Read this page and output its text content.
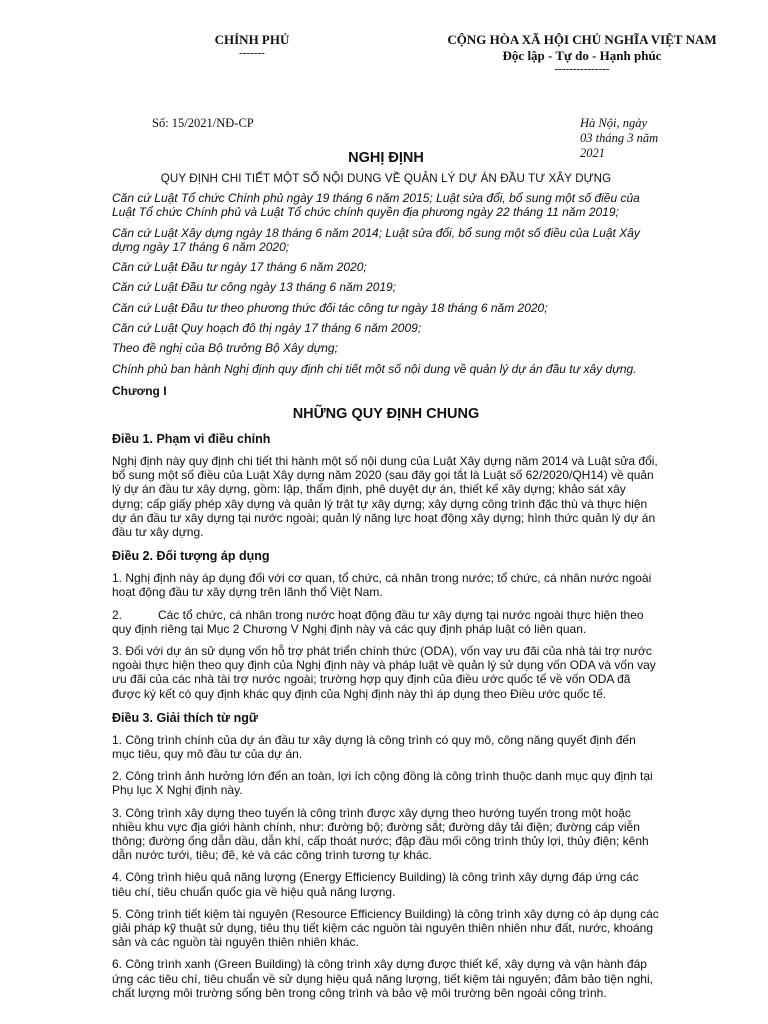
CHÍNH PHỦ
-------
CỘNG HÒA XÃ HỘI CHỦ NGHĨA VIỆT NAM
Độc lập - Tự do - Hạnh phúc
---------------
Số: 15/2021/NĐ-CP	Hà Nội, ngày 03 tháng 3 năm 2021
NGHỊ ĐỊNH
QUY ĐỊNH CHI TIẾT MỘT SỐ NỘI DUNG VỀ QUẢN LÝ DỰ ÁN ĐẦU TƯ XÂY DỰNG

Căn cứ Luật Tổ chức Chính phủ ngày 19 tháng 6 năm 2015; Luật sửa đổi, bổ sung một số điều của Luật Tổ chức Chính phủ và Luật Tổ chức chính quyền địa phương ngày 22 tháng 11 năm 2019;

Căn cứ Luật Xây dựng ngày 18 tháng 6 năm 2014; Luật sửa đổi, bổ sung một số điều của Luật Xây dựng ngày 17 tháng 6 năm 2020;

Căn cứ Luật Đầu tư ngày 17 tháng 6 năm 2020;

Căn cứ Luật Đầu tư công ngày 13 tháng 6 năm 2019;

Căn cứ Luật Đầu tư theo phương thức đối tác công tư ngày 18 tháng 6 năm 2020;

Căn cứ Luật Quy hoạch đô thị ngày 17 tháng 6 năm 2009;

Theo đề nghị của Bộ trưởng Bộ Xây dựng;

Chính phủ ban hành Nghị định quy định chi tiết một số nội dung về quản lý dự án đầu tư xây dựng.

Chương I
NHỮNG QUY ĐỊNH CHUNG
Điều 1. Phạm vi điều chỉnh

Nghị định này quy định chi tiết thi hành một số nội dung của Luật Xây dựng năm 2014 và Luật sửa đổi, bổ sung một số điều của Luật Xây dựng năm 2020 (sau đây gọi tắt là Luật số 62/2020/QH14) về quản lý dự án đầu tư xây dựng, gồm: lập, thẩm định, phê duyệt dự án, thiết kế xây dựng; khảo sát xây dựng; cấp giấy phép xây dựng và quản lý trật tự xây dựng; xây dựng công trình đặc thù và thực hiện dự án đầu tư xây dựng tại nước ngoài; quản lý năng lực hoạt động xây dựng; hình thức quản lý dự án đầu tư xây dựng.

Điều 2. Đối tượng áp dụng

1. Nghị định này áp dụng đối với cơ quan, tổ chức, cá nhân trong nước; tổ chức, cá nhân nước ngoài hoạt động đầu tư xây dựng trên lãnh thổ Việt Nam.

2.	Các tổ chức, cá nhân trong nước hoạt động đầu tư xây dựng tại nước ngoài thực hiện theo quy định riêng tại Mục 2 Chương V Nghị định này và các quy định pháp luật có liên quan.

3. Đối với dự án sử dụng vốn hỗ trợ phát triển chính thức (ODA), vốn vay ưu đãi của nhà tài trợ nước ngoài thực hiện theo quy định của Nghị định này và pháp luật về quản lý sử dụng vốn ODA và vốn vay ưu đãi của các nhà tài trợ nước ngoài; trường hợp quy định của điều ước quốc tế về vốn ODA đã được ký kết có quy định khác quy định của Nghị định này thì áp dụng theo Điều ước quốc tế.

Điều 3. Giải thích từ ngữ

1. Công trình chính của dự án đầu tư xây dựng là công trình có quy mô, công năng quyết định đến mục tiêu, quy mô đầu tư của dự án.

2. Công trình ảnh hưởng lớn đến an toàn, lợi ích cộng đồng là công trình thuộc danh mục quy định tại Phụ lục X Nghị định này.

3. Công trình xây dựng theo tuyến là công trình được xây dựng theo hướng tuyến trong một hoặc nhiều khu vực địa giới hành chính, như: đường bộ; đường sắt; đường dây tải điện; đường cáp viễn thông; đường ống dẫn dầu, dẫn khí, cấp thoát nước; đập đầu mối công trình thủy lợi, thủy điện; kênh dẫn nước tưới, tiêu; đê, kè và các công trình tương tự khác.

4. Công trình hiệu quả năng lượng (Energy Efficiency Building) là công trình xây dựng đáp ứng các tiêu chí, tiêu chuẩn quốc gia về hiệu quả năng lượng.

5. Công trình tiết kiệm tài nguyên (Resource Efficiency Building) là công trình xây dựng có áp dụng các giải pháp kỹ thuật sử dụng, tiêu thụ tiết kiệm các nguồn tài nguyên thiên nhiên như đất, nước, khoáng sản và các nguồn tài nguyên thiên nhiên khác.

6. Công trình xanh (Green Building) là công trình xây dựng được thiết kế, xây dựng và vận hành đáp ứng các tiêu chí, tiêu chuẩn về sử dụng hiệu quả năng lượng, tiết kiệm tài nguyên; đảm bảo tiện nghi, chất lượng môi trường sống bên trong công trình và bảo vệ môi trường bên ngoài công trình.
